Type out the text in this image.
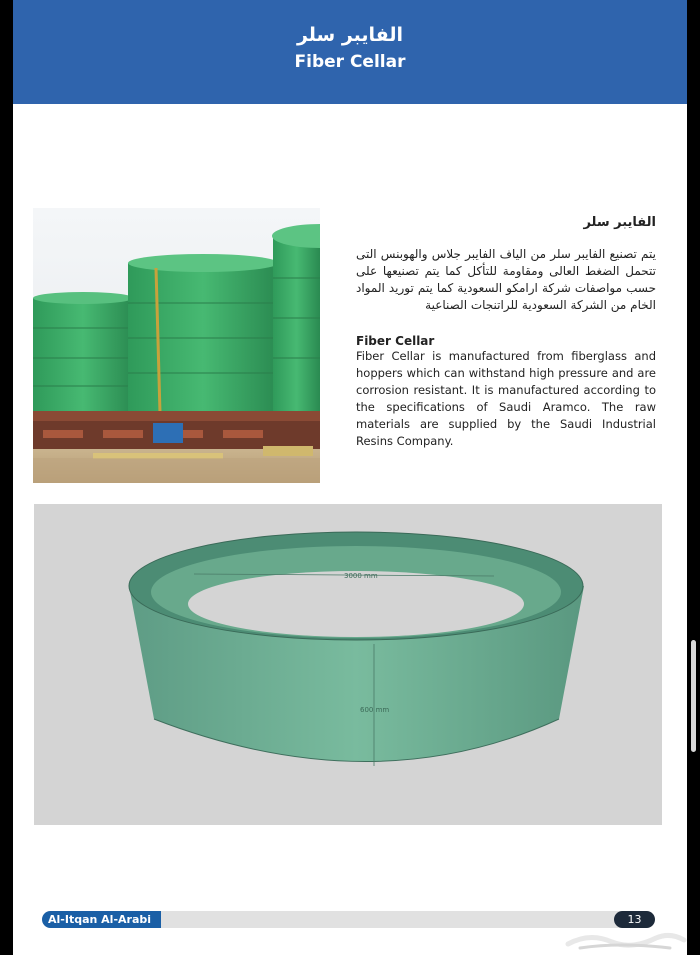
الفايبر سلر
Fiber Cellar
الفايبر سلر
يتم تصنيع الفايبر سلر من الياف الفايبر جلاس والهوبنس التى تتحمل الضغط العالى ومقاومة للتأكل كما يتم تصنيعها على حسب مواصفات شركة ارامكو السعودية كما يتم توريد المواد الخام من الشركة السعودية للراتنجات الصناعية
Fiber Cellar
Fiber Cellar is manufactured from fiberglass and hoppers which can withstand high pressure and are corrosion resistant. It is manufactured according to the specifications of Saudi Aramco. The raw materials are supplied by the Saudi Industrial Resins Company.
3000 mm
600 mm
Al-Itqan Al-Arabi	13
